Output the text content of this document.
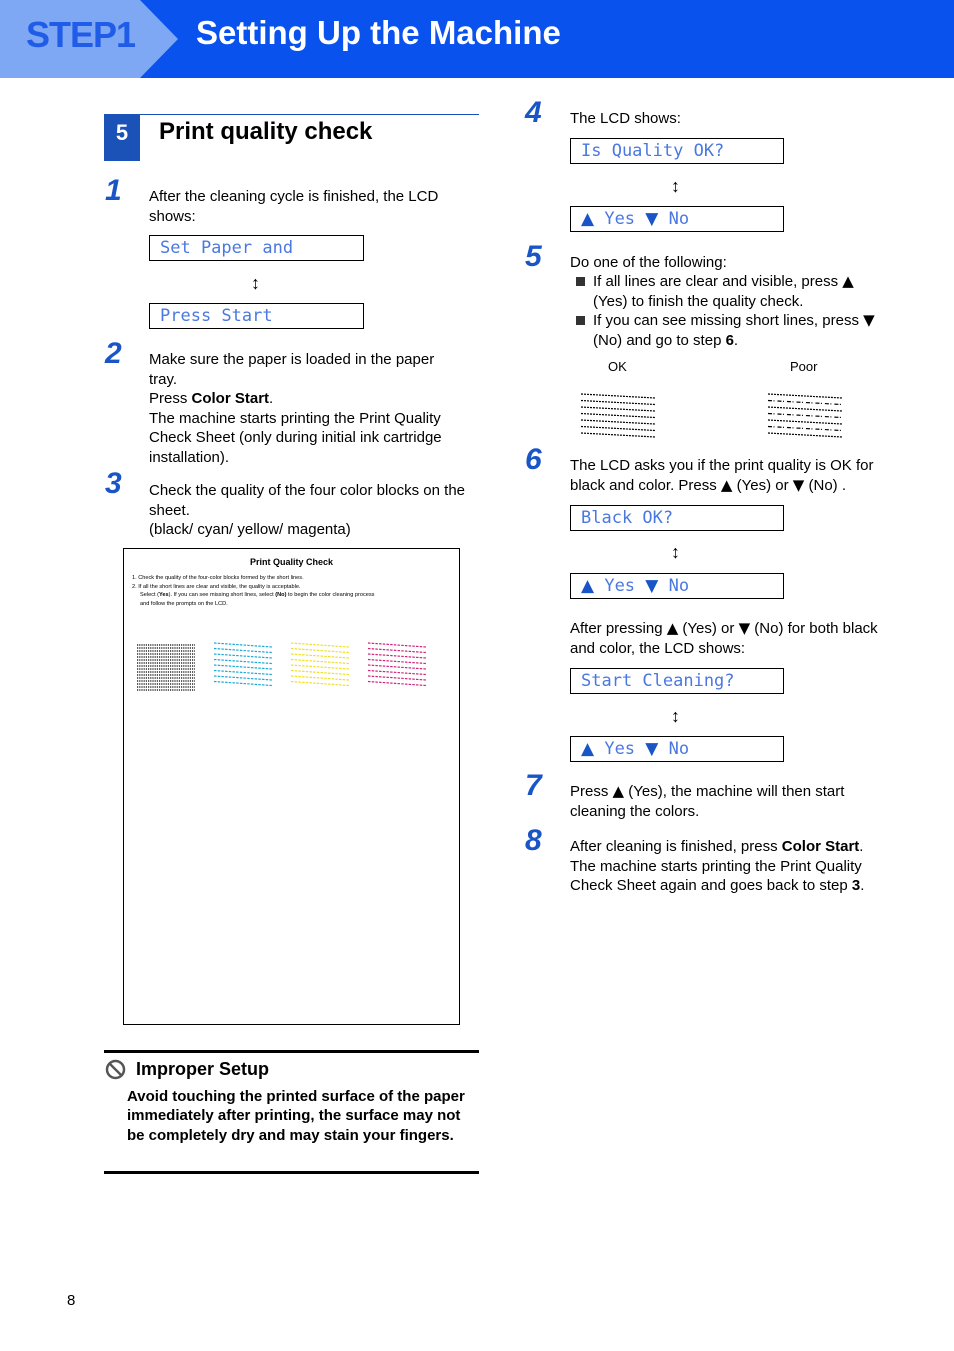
STEP1 Setting Up the Machine
5	Print quality check
1 After the cleaning cycle is finished, the LCD
shows:
Set Paper and
↕
Press Start
2 Make sure the paper is loaded in the paper
tray.
Press Color Start.
The machine starts printing the Print Quality
Check Sheet (only during initial ink cartridge
installation).
3 Check the quality of the four color blocks on the
sheet.
(black/ cyan/ yellow/ magenta)
Print Quality Check
1. Check the quality of the four-color blocks formed by the short lines.
2. If all the short lines are clear and visible, the quality is acceptable.
Select (Yes). If you can see missing short lines, select (No) to begin the color cleaning process
and follow the prompts on the LCD.
Improper Setup
Avoid touching the printed surface of the paper immediately after printing, the surface may not be completely dry and may stain your fingers.
4 The LCD shows:
Is Quality OK?
↕
▲ Yes ▼ No
5 Do one of the following:
If all lines are clear and visible, press ▲
(Yes) to finish the quality check.
If you can see missing short lines, press ▼
(No) and go to step 6.
OK	Poor
6 The LCD asks you if the print quality is OK for
black and color. Press ▲ (Yes) or ▼ (No) .
Black OK?
↕
▲ Yes ▼ No
After pressing ▲ (Yes) or ▼ (No) for both black
and color, the LCD shows:
Start Cleaning?
↕
▲ Yes ▼ No
7 Press ▲ (Yes), the machine will then start
cleaning the colors.
8 After cleaning is finished, press Color Start.
The machine starts printing the Print Quality
Check Sheet again and goes back to step 3.
8
